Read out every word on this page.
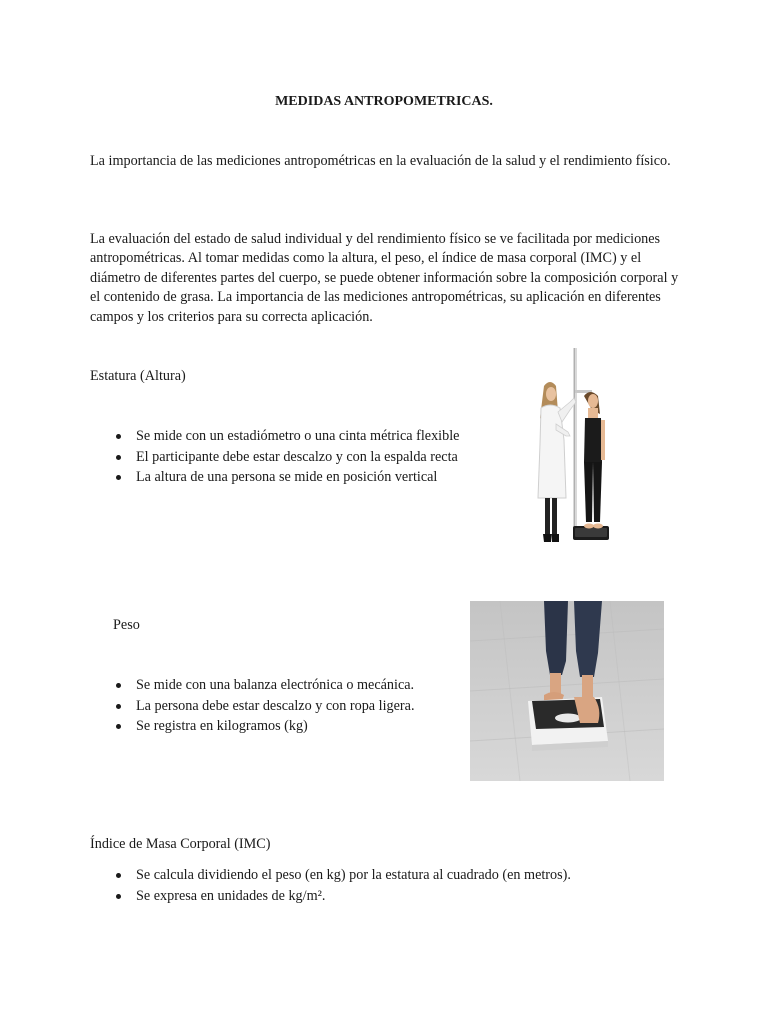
MEDIDAS ANTROPOMETRICAS.
La importancia de las mediciones antropométricas en la evaluación de la salud y el rendimiento físico.
La evaluación del estado de salud individual y del rendimiento físico se ve facilitada por mediciones antropométricas. Al tomar medidas como la altura, el peso, el índice de masa corporal (IMC) y el diámetro de diferentes partes del cuerpo, se puede obtener información sobre la composición corporal y el contenido de grasa. La importancia de las mediciones antropométricas, su aplicación en diferentes campos y los criterios para su correcta aplicación.

Estatura (Altura)

Se mide con un estadiómetro o una cinta métrica flexible
El participante debe estar descalzo y con la espalda recta
La altura de una persona se mide en posición vertical

Peso

Se mide con una balanza electrónica o mecánica.
La persona debe estar descalzo y con ropa ligera.
Se registra en kilogramos (kg)

Índice de Masa Corporal (IMC)

Se calcula dividiendo el peso (en kg) por la estatura al cuadrado (en metros).
Se expresa en unidades de kg/m².
